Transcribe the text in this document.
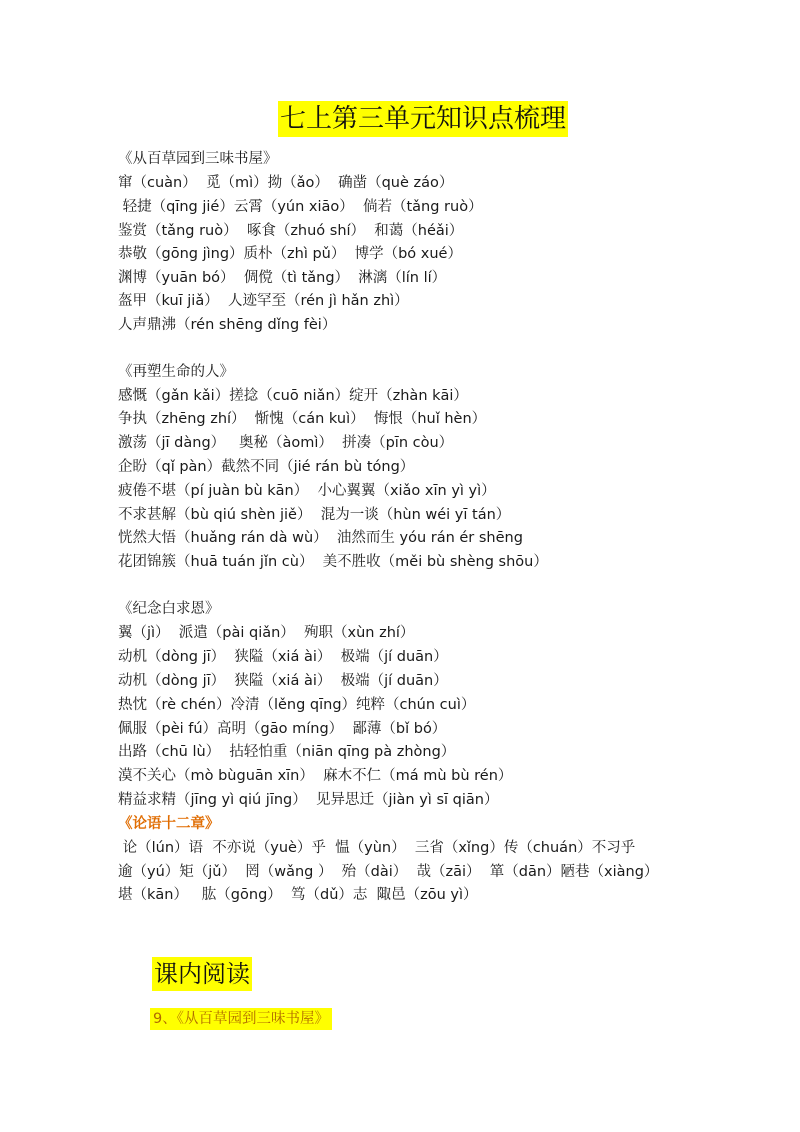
七上第三单元知识点梳理
《从百草园到三味书屋》
窜（cuàn）  觅（mì）拗（ǎo）  确凿（què záo）
轻捷（qīng jié）云霄（yún xiāo）  倘若（tǎng ruò）
鉴赏（tǎng ruò）  啄食（zhuó shí）  和蔼（héǎi）
恭敬（gōng jìng）质朴（zhì pǔ）  博学（bó xué）
渊博（yuān bó）  倜傥（tì tǎng）  淋漓（lín lí）
盔甲（kuī jiǎ）  人迹罕至（rén jì hǎn zhì）
人声鼎沸（rén shēng dǐng fèi）
《再塑生命的人》
感慨（gǎn kǎi）搓捻（cuō niǎn）绽开（zhàn kāi）
争执（zhēng zhí）  惭愧（cán kuì）  悔恨（huǐ hèn）
激荡（jī dàng）   奥秘（àomì）  拼凑（pīn còu）
企盼（qǐ pàn）截然不同（jié rán bù tóng）
疲倦不堪（pí juàn bù kān）  小心翼翼（xiǎo xīn yì yì）
不求甚解（bù qiú shèn jiě）  混为一谈（hùn wéi yī tán）
恍然大悟（huǎng rán dà wù）  油然而生 yóu rán ér shēng
花团锦簇（huā tuán jǐn cù）  美不胜收（měi bù shèng shōu）
《纪念白求恩》
翼（jì）  派遣（pài qiǎn）  殉职（xùn zhí）
动机（dòng jī）  狭隘（xiá ài）  极端（jí duān）
动机（dòng jī）  狭隘（xiá ài）  极端（jí duān）
热忱（rè chén）冷清（lěng qīng）纯粹（chún cuì）
佩服（pèi fú）高明（gāo míng）  鄙薄（bǐ bó）
出路（chū lù）  拈轻怕重（niān qīng pà zhòng）
漠不关心（mò bùguān xīn）  麻木不仁（má mù bù rén）
精益求精（jīng yì qiú jīng）  见异思迁（jiàn yì sī qiān）
《论语十二章》
论（lún）语  不亦说（yuè）乎  愠（yùn）  三省（xǐng）传（chuán）不习乎
逾（yú）矩（jǔ）  罔（wǎng ）  殆（dài）  哉（zāi）  箪（dān）陋巷（xiàng）
堪（kān）   肱（gōng）  笃（dǔ）志  陬邑（zōu yì）
课内阅读
9、《从百草园到三味书屋》
